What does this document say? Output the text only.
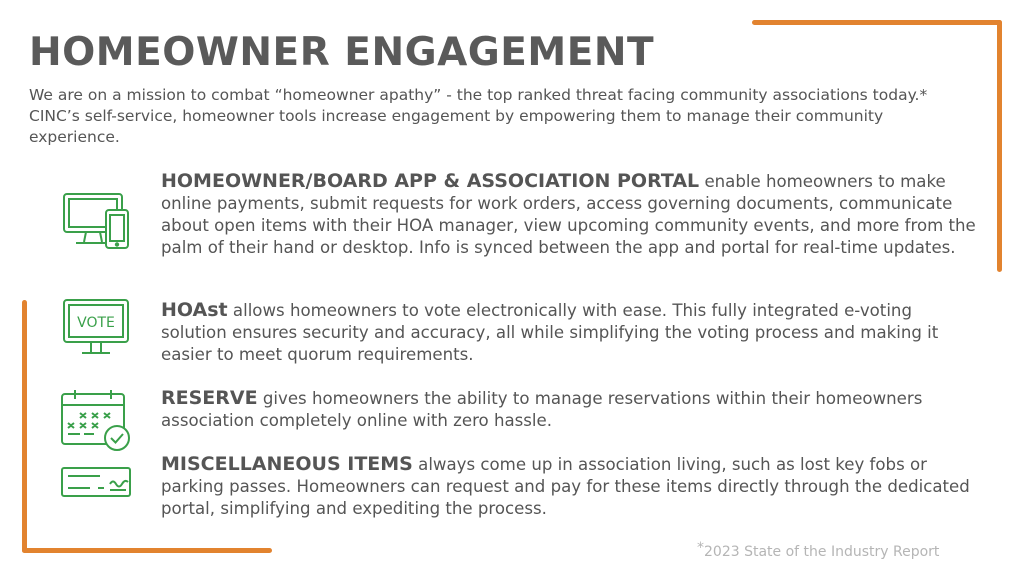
HOMEOWNER ENGAGEMENT

We are on a mission to combat “homeowner apathy” - the top ranked threat facing community associations today.* CINC’s self-service, homeowner tools increase engagement by empowering them to manage their community experience.

HOMEOWNER/BOARD APP & ASSOCIATION PORTAL enable homeowners to make online payments, submit requests for work orders, access governing documents, communicate about open items with their HOA manager, view upcoming community events, and more from the palm of their hand or desktop. Info is synced between the app and portal for real-time updates.

VOTE

HOAst allows homeowners to vote electronically with ease. This fully integrated e-voting solution ensures security and accuracy, all while simplifying the voting process and making it easier to meet quorum requirements.

RESERVE gives homeowners the ability to manage reservations within their homeowners association completely online with zero hassle.

MISCELLANEOUS ITEMS always come up in association living, such as lost key fobs or parking passes. Homeowners can request and pay for these items directly through the dedicated portal, simplifying and expediting the process.

*2023 State of the Industry Report
